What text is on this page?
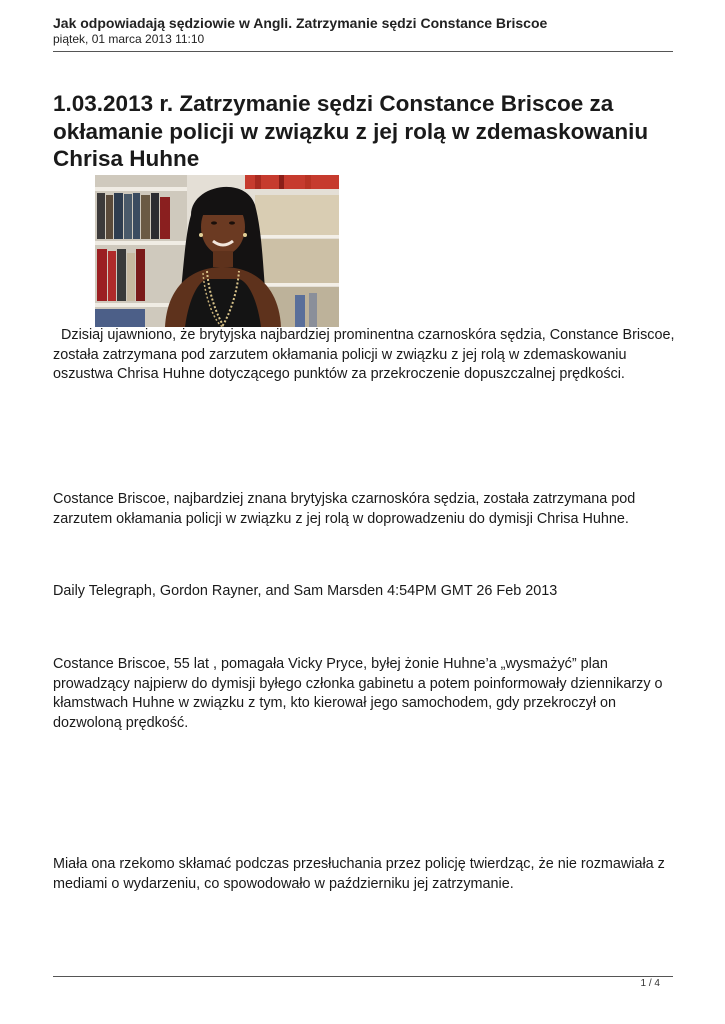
Jak odpowiadają sędziowie w Angli. Zatrzymanie sędzi Constance Briscoe
piątek, 01 marca 2013 11:10
1.03.2013 r. Zatrzymanie sędzi Constance Briscoe za okłamanie policji w związku z jej rolą w zdemaskowaniu Chrisa Huhne

Dzisiaj ujawniono, że brytyjska najbardziej prominentna czarnoskóra sędzia, Constance Briscoe, została zatrzymana pod zarzutem okłamania policji w związku z jej rolą w zdemaskowaniu oszustwa Chrisa Huhne dotyczącego punktów za przekroczenie dopuszczalnej prędkości.

Costance Briscoe, najbardziej znana brytyjska czarnoskóra sędzia, została zatrzymana pod zarzutem okłamania policji w związku z jej rolą w doprowadzeniu do dymisji Chrisa Huhne.

Daily Telegraph, Gordon Rayner, and Sam Marsden 4:54PM GMT 26 Feb 2013

Costance Briscoe, 55 lat , pomagała Vicky Pryce, byłej żonie Huhne’a „wysmażyć” plan prowadzący najpierw do dymisji byłego członka gabinetu a potem poinformowały dziennikarzy o kłamstwach Huhne w związku z tym, kto kierował jego samochodem, gdy przekroczył on dozwoloną prędkość.

Miała ona rzekomo skłamać podczas przesłuchania przez policję twierdząc, że nie rozmawiała z mediami o wydarzeniu, co spowodowało w październiku jej zatrzymanie.

1 / 4
